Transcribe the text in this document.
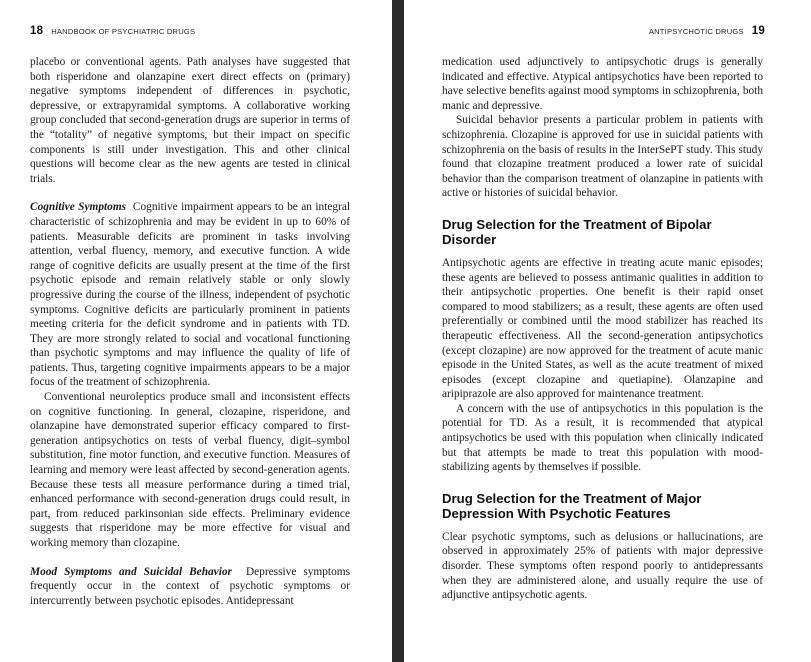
18 HANDBOOK OF PSYCHIATRIC DRUGS

placebo or conventional agents. Path analyses have suggested that both risperidone and olanzapine exert direct effects on (primary) negative symptoms independent of differences in psychotic, depressive, or extrapyramidal symptoms. A collaborative working group concluded that second-generation drugs are superior in terms of the “totality” of negative symptoms, but their impact on specific components is still under investigation. This and other clinical questions will become clear as the new agents are tested in clinical trials.

Cognitive Symptoms Cognitive impairment appears to be an integral characteristic of schizophrenia and may be evident in up to 60% of patients. Measurable deficits are prominent in tasks involving attention, verbal fluency, memory, and executive function. A wide range of cognitive deficits are usually present at the time of the first psychotic episode and remain relatively stable or only slowly progressive during the course of the illness, independent of psychotic symptoms. Cognitive deficits are particularly prominent in patients meeting criteria for the deficit syndrome and in patients with TD. They are more strongly related to social and vocational functioning than psychotic symptoms and may influence the quality of life of patients. Thus, targeting cognitive impairments appears to be a major focus of the treatment of schizophrenia.

Conventional neuroleptics produce small and inconsistent effects on cognitive functioning. In general, clozapine, risperidone, and olanzapine have demonstrated superior efficacy compared to first-generation antipsychotics on tests of verbal fluency, digit–symbol substitution, fine motor function, and executive function. Measures of learning and memory were least affected by second-generation agents. Because these tests all measure performance during a timed trial, enhanced performance with second-generation drugs could result, in part, from reduced parkinsonian side effects. Preliminary evidence suggests that risperidone may be more effective for visual and working memory than clozapine.

Mood Symptoms and Suicidal Behavior Depressive symptoms frequently occur in the context of psychotic symptoms or intercurrently between psychotic episodes. Antidepressant

ANTIPSYCHOTIC DRUGS 19

medication used adjunctively to antipsychotic drugs is generally indicated and effective. Atypical antipsychotics have been reported to have selective benefits against mood symptoms in schizophrenia, both manic and depressive.

Suicidal behavior presents a particular problem in patients with schizophrenia. Clozapine is approved for use in suicidal patients with schizophrenia on the basis of results in the InterSePT study. This study found that clozapine treatment produced a lower rate of suicidal behavior than the comparison treatment of olanzapine in patients with active or histories of suicidal behavior.

Drug Selection for the Treatment of Bipolar Disorder

Antipsychotic agents are effective in treating acute manic episodes; these agents are believed to possess antimanic qualities in addition to their antipsychotic properties. One benefit is their rapid onset compared to mood stabilizers; as a result, these agents are often used preferentially or combined until the mood stabilizer has reached its therapeutic effectiveness. All the second-generation antipsychotics (except clozapine) are now approved for the treatment of acute manic episode in the United States, as well as the acute treatment of mixed episodes (except clozapine and quetiapine). Olanzapine and aripiprazole are also approved for maintenance treatment.

A concern with the use of antipsychotics in this population is the potential for TD. As a result, it is recommended that atypical antipsychotics be used with this population when clinically indicated but that attempts be made to treat this population with mood-stabilizing agents by themselves if possible.

Drug Selection for the Treatment of Major Depression With Psychotic Features

Clear psychotic symptoms, such as delusions or hallucinations, are observed in approximately 25% of patients with major depressive disorder. These symptoms often respond poorly to antidepressants when they are administered alone, and usually require the use of adjunctive antipsychotic agents.
